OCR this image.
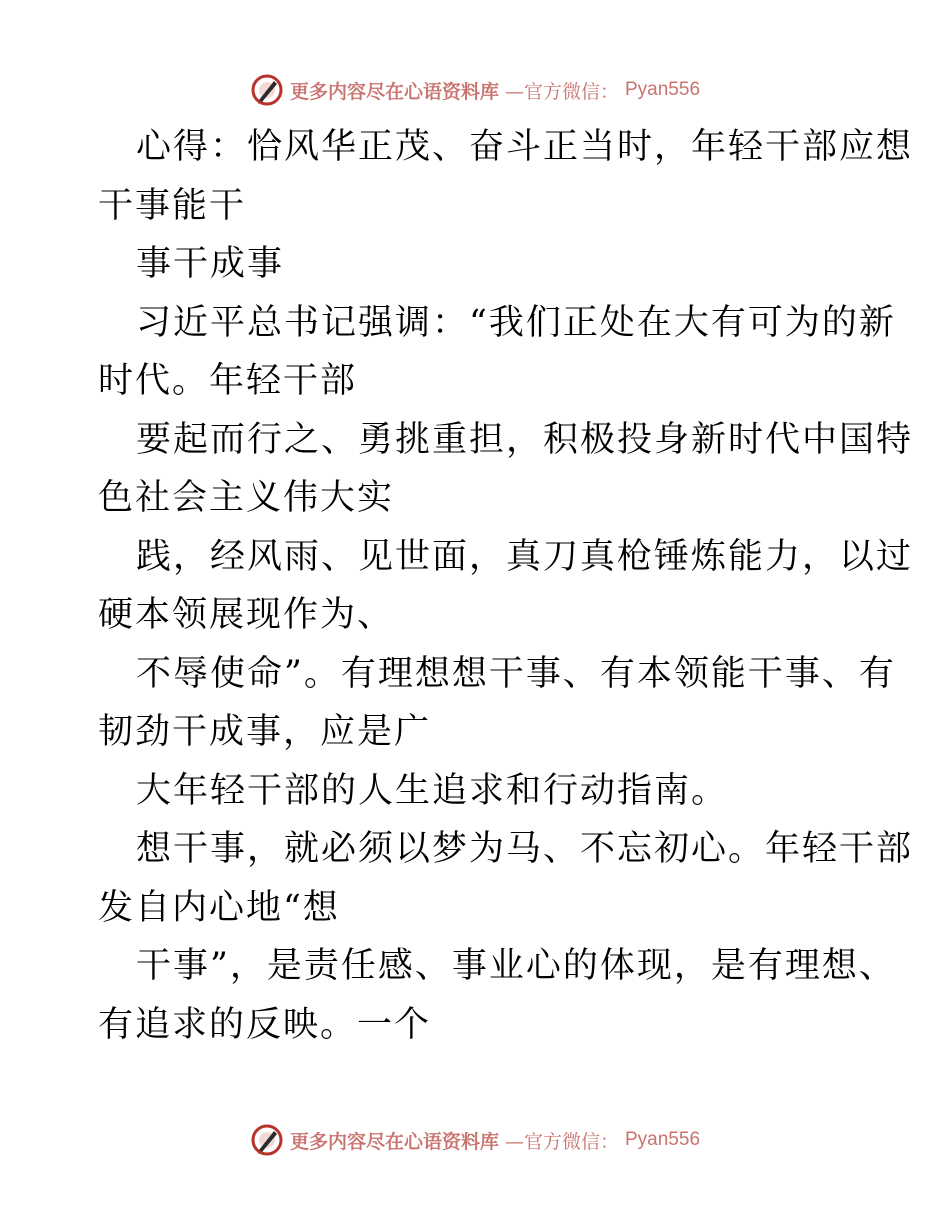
更多内容尽在心语资料库 —官方微信： Pyan556
心得：恰风华正茂、奋斗正当时，年轻干部应想
干事能干
事干成事
习近平总书记强调：“我们正处在大有可为的新
时代。年轻干部
要起而行之、勇挑重担，积极投身新时代中国特
色社会主义伟大实
践，经风雨、见世面，真刀真枪锤炼能力，以过
硬本领展现作为、
不辱使命”。有理想想干事、有本领能干事、有
韧劲干成事，应是广
大年轻干部的人生追求和行动指南。
想干事，就必须以梦为马、不忘初心。年轻干部
发自内心地“想
干事”，是责任感、事业心的体现，是有理想、
有追求的反映。一个
更多内容尽在心语资料库 —官方微信： Pyan556
